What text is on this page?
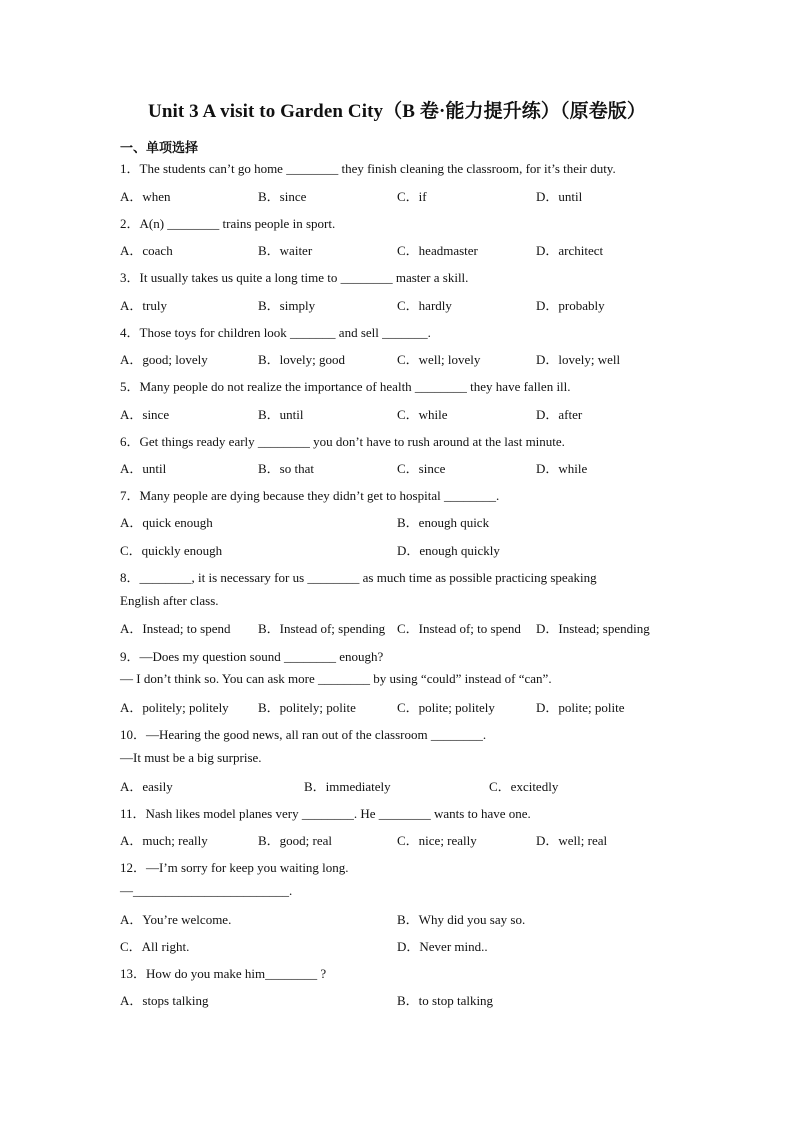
Unit 3 A visit to Garden City（B 卷·能力提升练）（原卷版）
一、单项选择
1．The students can’t go home ________ they finish cleaning the classroom, for it’s their duty.
A．when	B．since	C．if	D．until
2．A(n) ________ trains people in sport.
A．coach	B．waiter	C．headmaster	D．architect
3．It usually takes us quite a long time to ________ master a skill.
A．truly	B．simply	C．hardly	D．probably
4．Those toys for children look _______ and sell _______.
A．good; lovely	B．lovely; good	C．well; lovely	D．lovely; well
5．Many people do not realize the importance of health ________ they have fallen ill.
A．since	B．until	C．while	D．after
6．Get things ready early ________ you don’t have to rush around at the last minute.
A．until	B．so that	C．since	D．while
7．Many people are dying because they didn’t get to hospital ________.
A．quick enough	B．enough quick
C．quickly enough	D．enough quickly
8．________, it is necessary for us ________ as much time as possible practicing speaking
English after class.
A．Instead; to spend B．Instead of; spending C．Instead of; to spend D．Instead; spending
9．—Does my question sound ________ enough?
— I don’t think so. You can ask more ________ by using “could” instead of “can”.
A．politely; politely B．politely; polite	C．polite; politely	D．polite; polite
10．—Hearing the good news, all ran out of the classroom ________.
—It must be a big surprise.
A．easily	B．immediately	C．excitedly
11．Nash likes model planes very ________. He ________ wants to have one.
A．much; really	B．good; real	C．nice; really	D．well; real
12．—I’m sorry for keep you waiting long.
—________________________.
A．You’re welcome.	B．Why did you say so.
C．All right.	D．Never mind..
13．How do you make him________ ?
A．stops talking	B．to stop talking
